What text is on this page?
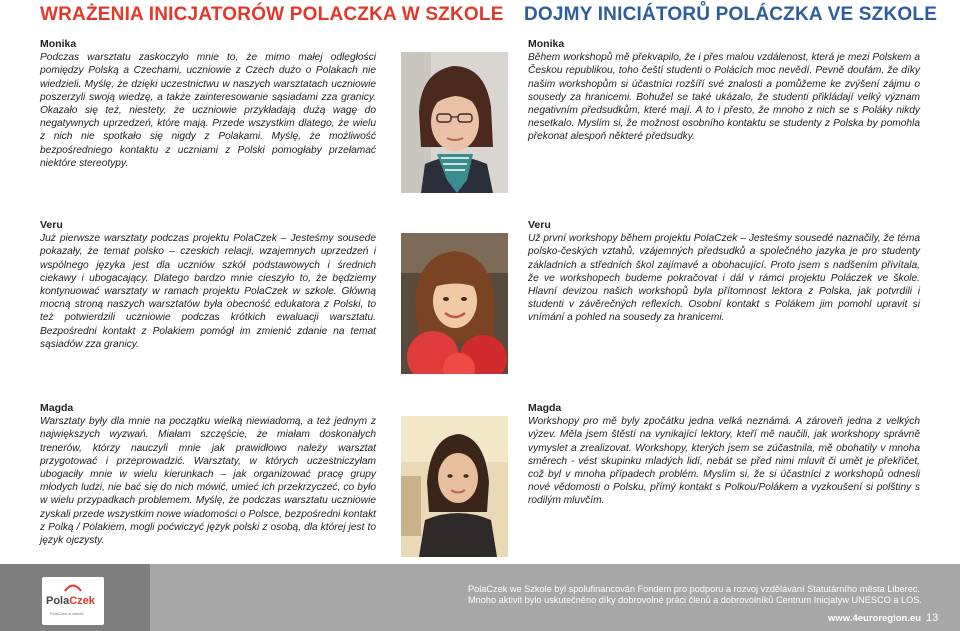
WRAŻENIA INICJATORÓW POLACZKA W SZKOLE DOJMY INICIÁTORŮ POLÁCZKA VE SZKOLE
Monika
Podczas warsztatu zaskoczyło mnie to, że mimo małej odległości pomiędzy Polską a Czechami, uczniowie z Czech dużo o Polakach nie wiedzieli. Myślę, że dzięki uczestnictwu w naszych warsztatach uczniowie poszerzyli swoją wiedzę, a także zainteresowanie sąsiadami zza granicy. Okazało się też, niestety, że uczniowie przykładają dużą wagę do negatywnych uprzedzeń, które mają. Przede wszystkim dlatego, że wielu z nich nie spotkało się nigdy z Polakami. Myślę, że możliwość bezpośredniego kontaktu z uczniami z Polski pomogłaby przełamać niektóre stereotypy.
Monika
Během workshopů mě překvapilo, že i přes malou vzdálenost, která je mezi Polskem a Českou republikou, toho čeští studenti o Polácích moc nevědí. Pevně doufám, že díky našim workshopům si účastníci rozšíří své znalosti a pomůžeme ke zvýšení zájmu o sousedy za hranicemi. Bohužel se také ukázalo, že studenti přikládají velký význam negativním předsudkům, které mají. A to i přesto, že mnoho z nich se s Poláky nikdy nesetkalo. Myslím si, že možnost osobního kontaktu se studenty z Polska by pomohla překonat alespoň některé předsudky.
Veru
Już pierwsze warsztaty podczas projektu PolaCzek – Jesteśmy sousede pokazały, że temat polsko – czeskich relacji, wzajemnych uprzedzeń i wspólnego języka jest dla uczniów szkół podstawowych i średnich ciekawy i ubogacający. Dlatego bardzo mnie cieszyło to, że będziemy kontynuować warsztaty w ramach projektu PolaCzek w szkole. Główną mocną stroną naszych warsztatów była obecność edukatora z Polski, to też potwierdzili uczniowie podczas krótkich ewaluacji warsztatu. Bezpośredni kontakt z Polakiem pomógł im zmienić zdanie na temat sąsiadów zza granicy.
Veru
Už první workshopy během projektu PolaCzek – Jesteśmy sousedé naznačily, že téma polsko-českých vztahů, vzájemných předsudků a společného jazyka je pro studenty základních a středních škol zajímavé a obohacující. Proto jsem s nadšením přivítala, že ve workshopech budeme pokračovat i dál v rámci projektu Poláczek ve škole. Hlavní devizou našich workshopů byla přítomnost lektora z Polska, jak potvrdili i studenti v závěrečných reflexích. Osobní kontakt s Polákem jim pomohl upravit si vnímání a pohled na sousedy za hranicemi.
Magda
Warsztaty były dla mnie na początku wielką niewiadomą, a też jednym z największych wyzwań. Miałam szczęście, że miałam doskonałych trenerów, którzy nauczyli mnie jak prawidłowo należy warsztat przygotować i przeprowadzić. Warsztaty, w których uczestniczyłam ubogaciły mnie w wielu kierunkach – jak organizować pracę grupy młodych ludzi, nie bać się do nich mówić, umieć ich przekrzyczeć, co było w wielu przypadkach problemem. Myślę, że podczas warsztatu uczniowie zyskali przede wszystkim nowe wiadomości o Polsce, bezpośredni kontakt z Polką / Polakiem, mogli poćwiczyć język polski z osobą, dla której jest to język ojczysty.
Magda
Workshopy pro mě byly zpočátku jedna velká neznámá. A zároveň jedna z velkých výzev. Měla jsem štěstí na vynikající lektory, kteří mě naučili, jak workshopy správně vymyslet a zrealizovat. Workshopy, kterých jsem se zúčastnila, mě obohatily v mnoha směrech - vést skupinku mladých lidí, nebát se před nimi mluvit či umět je překřičet, což byl v mnoha případech problém. Myslím si, že si účastníci z workshopů odnesli nové vědomosti o Polsku, přímý kontakt s Polkou/Polákem a vyzkoušení si polštiny s rodilým mluvčím.
PolaCzek
PolaCzek w szkole
PolaCzek we Szkole byl spolufinancován Fondem pro podporu a rozvoj vzdělávání Statutárního města Liberec. Mnoho aktivit bylo uskutečněno díky dobrovolné práci členů a dobrovolníků Centrum Inicjatyw UNESCO a LOS.
www.4euroregion.eu 13
